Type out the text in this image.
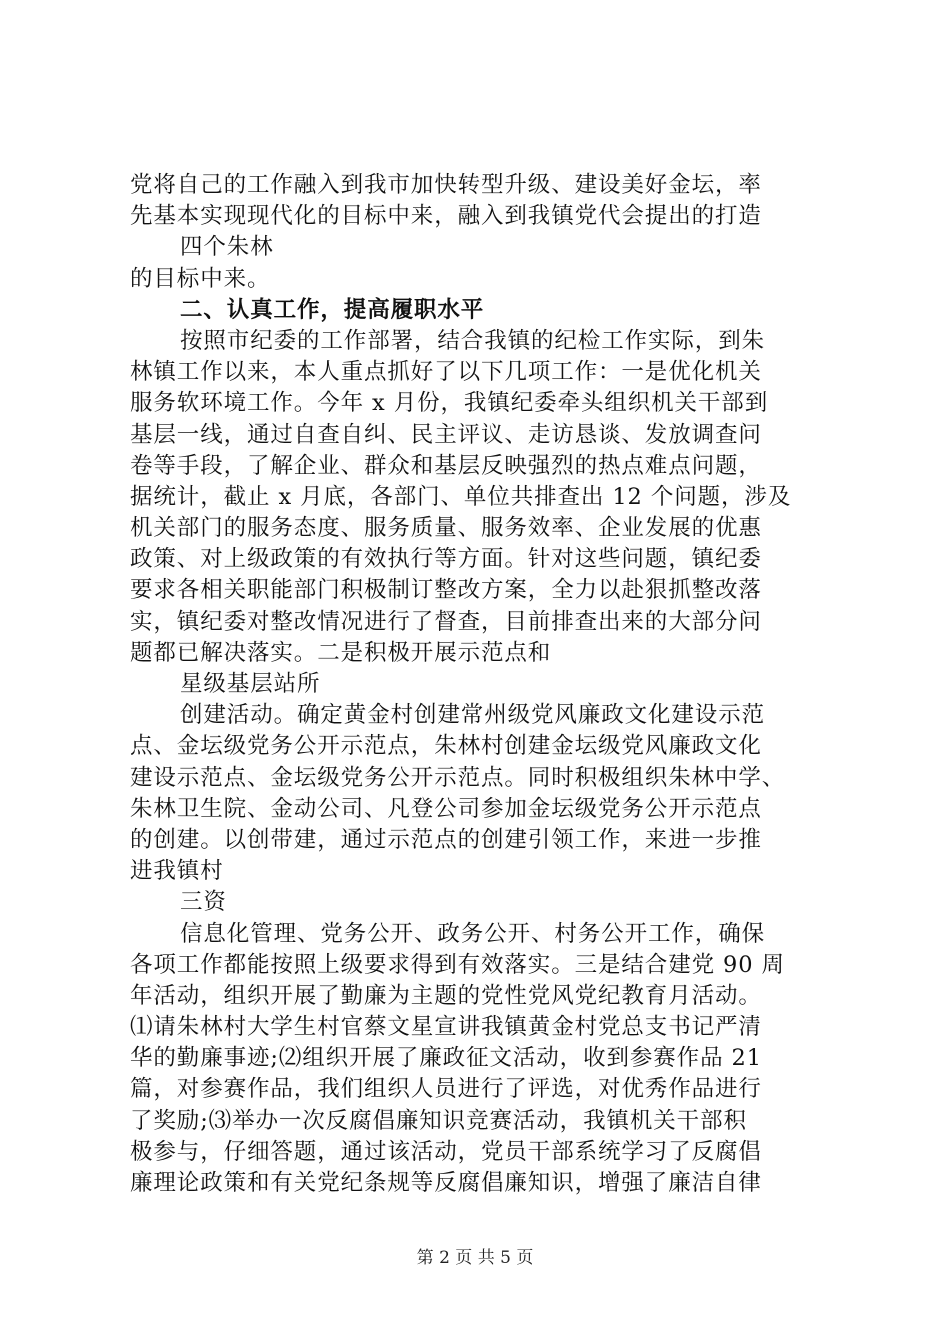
党将自己的工作融入到我市加快转型升级、建设美好金坛，率
先基本实现现代化的目标中来，融入到我镇党代会提出的打造
四个朱林
的目标中来。
二、认真工作，提高履职水平
按照市纪委的工作部署，结合我镇的纪检工作实际，到朱
林镇工作以来，本人重点抓好了以下几项工作：一是优化机关
服务软环境工作。今年 x 月份，我镇纪委牵头组织机关干部到
基层一线，通过自查自纠、民主评议、走访恳谈、发放调查问
卷等手段，了解企业、群众和基层反映强烈的热点难点问题，
据统计，截止 x 月底，各部门、单位共排查出 12 个问题，涉及
机关部门的服务态度、服务质量、服务效率、企业发展的优惠
政策、对上级政策的有效执行等方面。针对这些问题，镇纪委
要求各相关职能部门积极制订整改方案，全力以赴狠抓整改落
实，镇纪委对整改情况进行了督查，目前排查出来的大部分问
题都已解决落实。二是积极开展示范点和
星级基层站所
创建活动。确定黄金村创建常州级党风廉政文化建设示范
点、金坛级党务公开示范点，朱林村创建金坛级党风廉政文化
建设示范点、金坛级党务公开示范点。同时积极组织朱林中学、
朱林卫生院、金动公司、凡登公司参加金坛级党务公开示范点
的创建。以创带建，通过示范点的创建引领工作，来进一步推
进我镇村
三资
信息化管理、党务公开、政务公开、村务公开工作，确保
各项工作都能按照上级要求得到有效落实。三是结合建党 90 周
年活动，组织开展了勤廉为主题的党性党风党纪教育月活动。
⑴请朱林村大学生村官蔡文星宣讲我镇黄金村党总支书记严清
华的勤廉事迹;⑵组织开展了廉政征文活动，收到参赛作品 21
篇，对参赛作品，我们组织人员进行了评选，对优秀作品进行
了奖励;⑶举办一次反腐倡廉知识竞赛活动，我镇机关干部积
极参与，仔细答题，通过该活动，党员干部系统学习了反腐倡
廉理论政策和有关党纪条规等反腐倡廉知识，增强了廉洁自律
第 2 页 共 5 页
